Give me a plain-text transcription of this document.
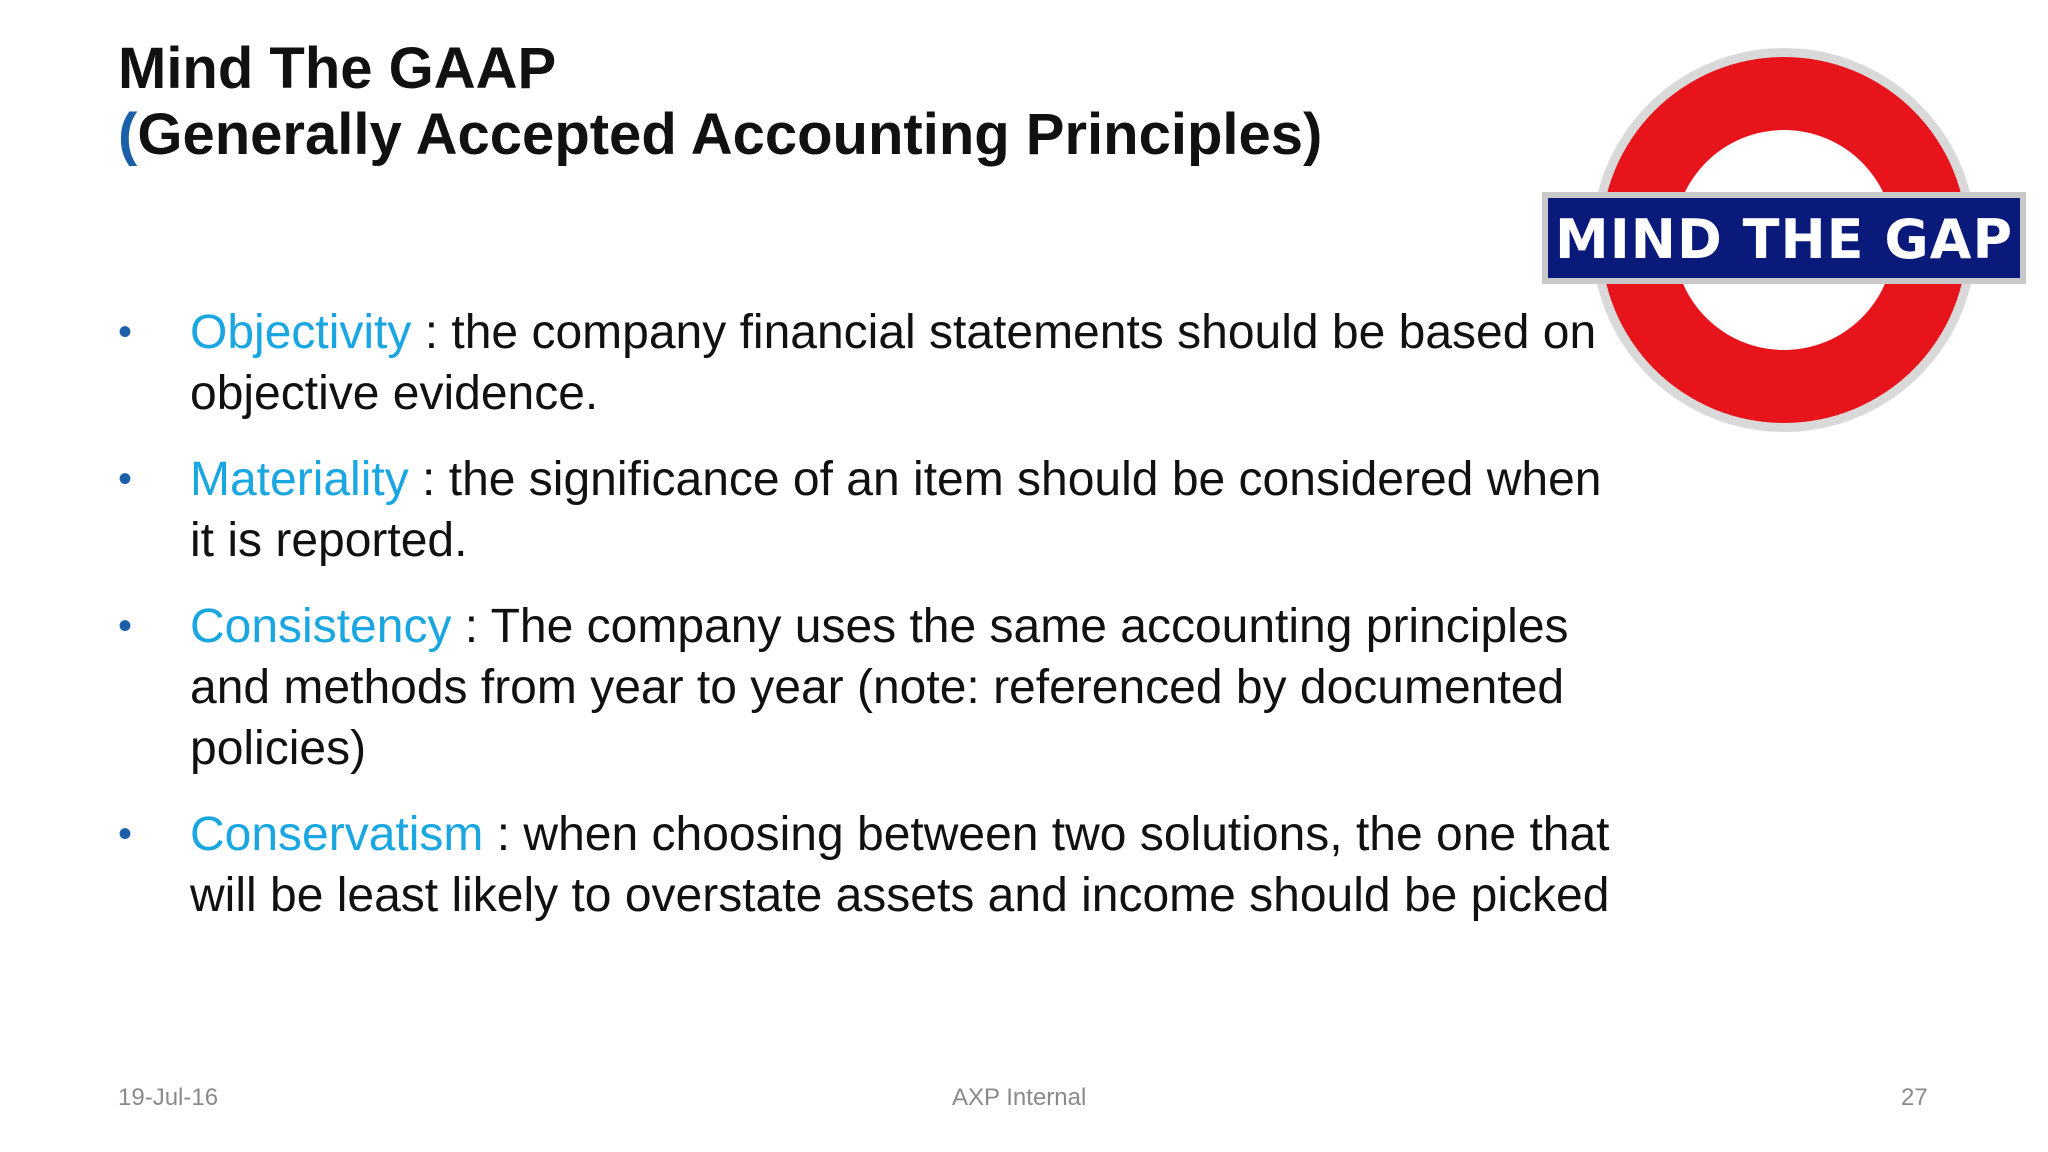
Mind The GAAP
(Generally Accepted Accounting Principles)
•	Objectivity : the company financial statements should be based on objective evidence.
•	Materiality : the significance of an item should be considered when it is reported.
•	Consistency : The company uses the same accounting principles and methods from year to year (note: referenced by documented policies)
•	Conservatism : when choosing between two solutions, the one that will be least likely to overstate assets and income should be picked
MIND THE GAP
19-Jul-16	AXP Internal	27
